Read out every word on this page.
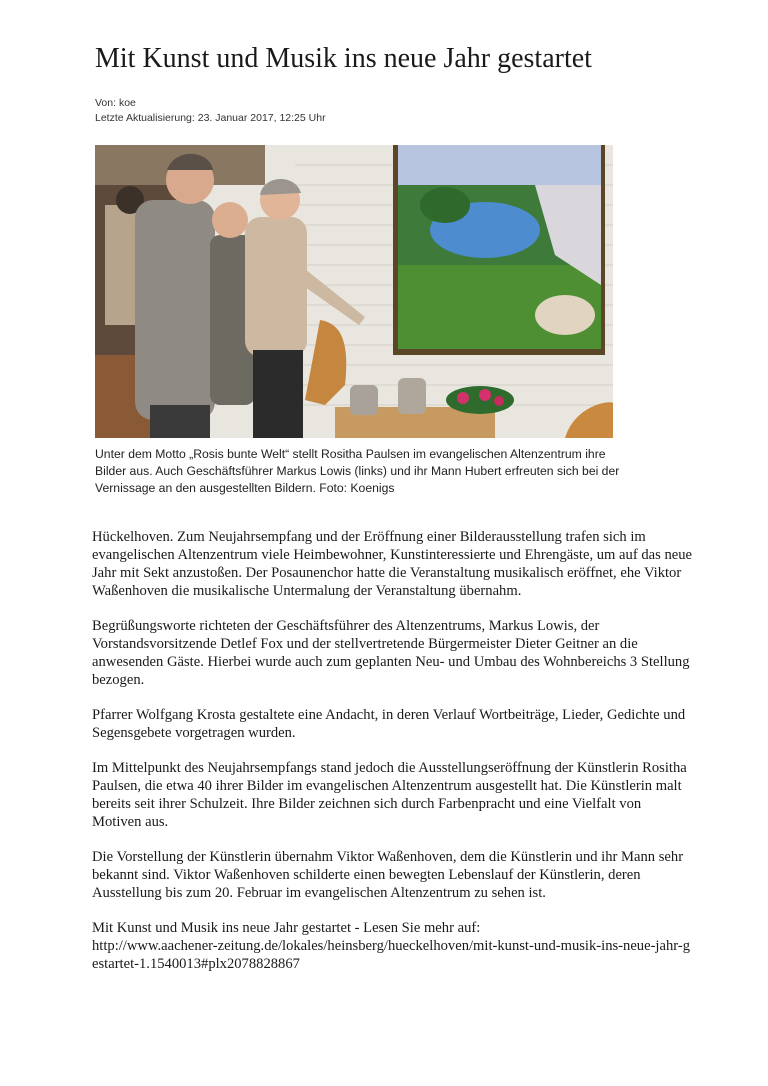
Mit Kunst und Musik ins neue Jahr gestartet
Von: koe
Letzte Aktualisierung: 23. Januar 2017, 12:25 Uhr
Unter dem Motto „Rosis bunte Welt“ stellt Rositha Paulsen im evangelischen Altenzentrum ihre Bilder aus. Auch Geschäftsführer Markus Lowis (links) und ihr Mann Hubert erfreuten sich bei der Vernissage an den ausgestellten Bildern. Foto: Koenigs

Hückelhoven. Zum Neujahrsempfang und der Eröffnung einer Bilderausstellung trafen sich im evangelischen Altenzentrum viele Heimbewohner, Kunstinteressierte und Ehrengäste, um auf das neue Jahr mit Sekt anzustoßen. Der Posaunenchor hatte die Veranstaltung musikalisch eröffnet, ehe Viktor Waßenhoven die musikalische Untermalung der Veranstaltung übernahm.

Begrüßungsworte richteten der Geschäftsführer des Altenzentrums, Markus Lowis, der Vorstandsvorsitzende Detlef Fox und der stellvertretende Bürgermeister Dieter Geitner an die anwesenden Gäste. Hierbei wurde auch zum geplanten Neu- und Umbau des Wohnbereichs 3 Stellung bezogen.

Pfarrer Wolfgang Krosta gestaltete eine Andacht, in deren Verlauf Wortbeiträge, Lieder, Gedichte und Segensgebete vorgetragen wurden.

Im Mittelpunkt des Neujahrsempfangs stand jedoch die Ausstellungseröffnung der Künstlerin Rositha Paulsen, die etwa 40 ihrer Bilder im evangelischen Altenzentrum ausgestellt hat. Die Künstlerin malt bereits seit ihrer Schulzeit. Ihre Bilder zeichnen sich durch Farbenpracht und eine Vielfalt von Motiven aus.

Die Vorstellung der Künstlerin übernahm Viktor Waßenhoven, dem die Künstlerin und ihr Mann sehr bekannt sind. Viktor Waßenhoven schilderte einen bewegten Lebenslauf der Künstlerin, deren Ausstellung bis zum 20. Februar im evangelischen Altenzentrum zu sehen ist.

Mit Kunst und Musik ins neue Jahr gestartet - Lesen Sie mehr auf:
http://www.aachener-zeitung.de/lokales/heinsberg/hueckelhoven/mit-kunst-und-musik-ins-neue-jahr-gestartet-1.1540013#plx2078828867
